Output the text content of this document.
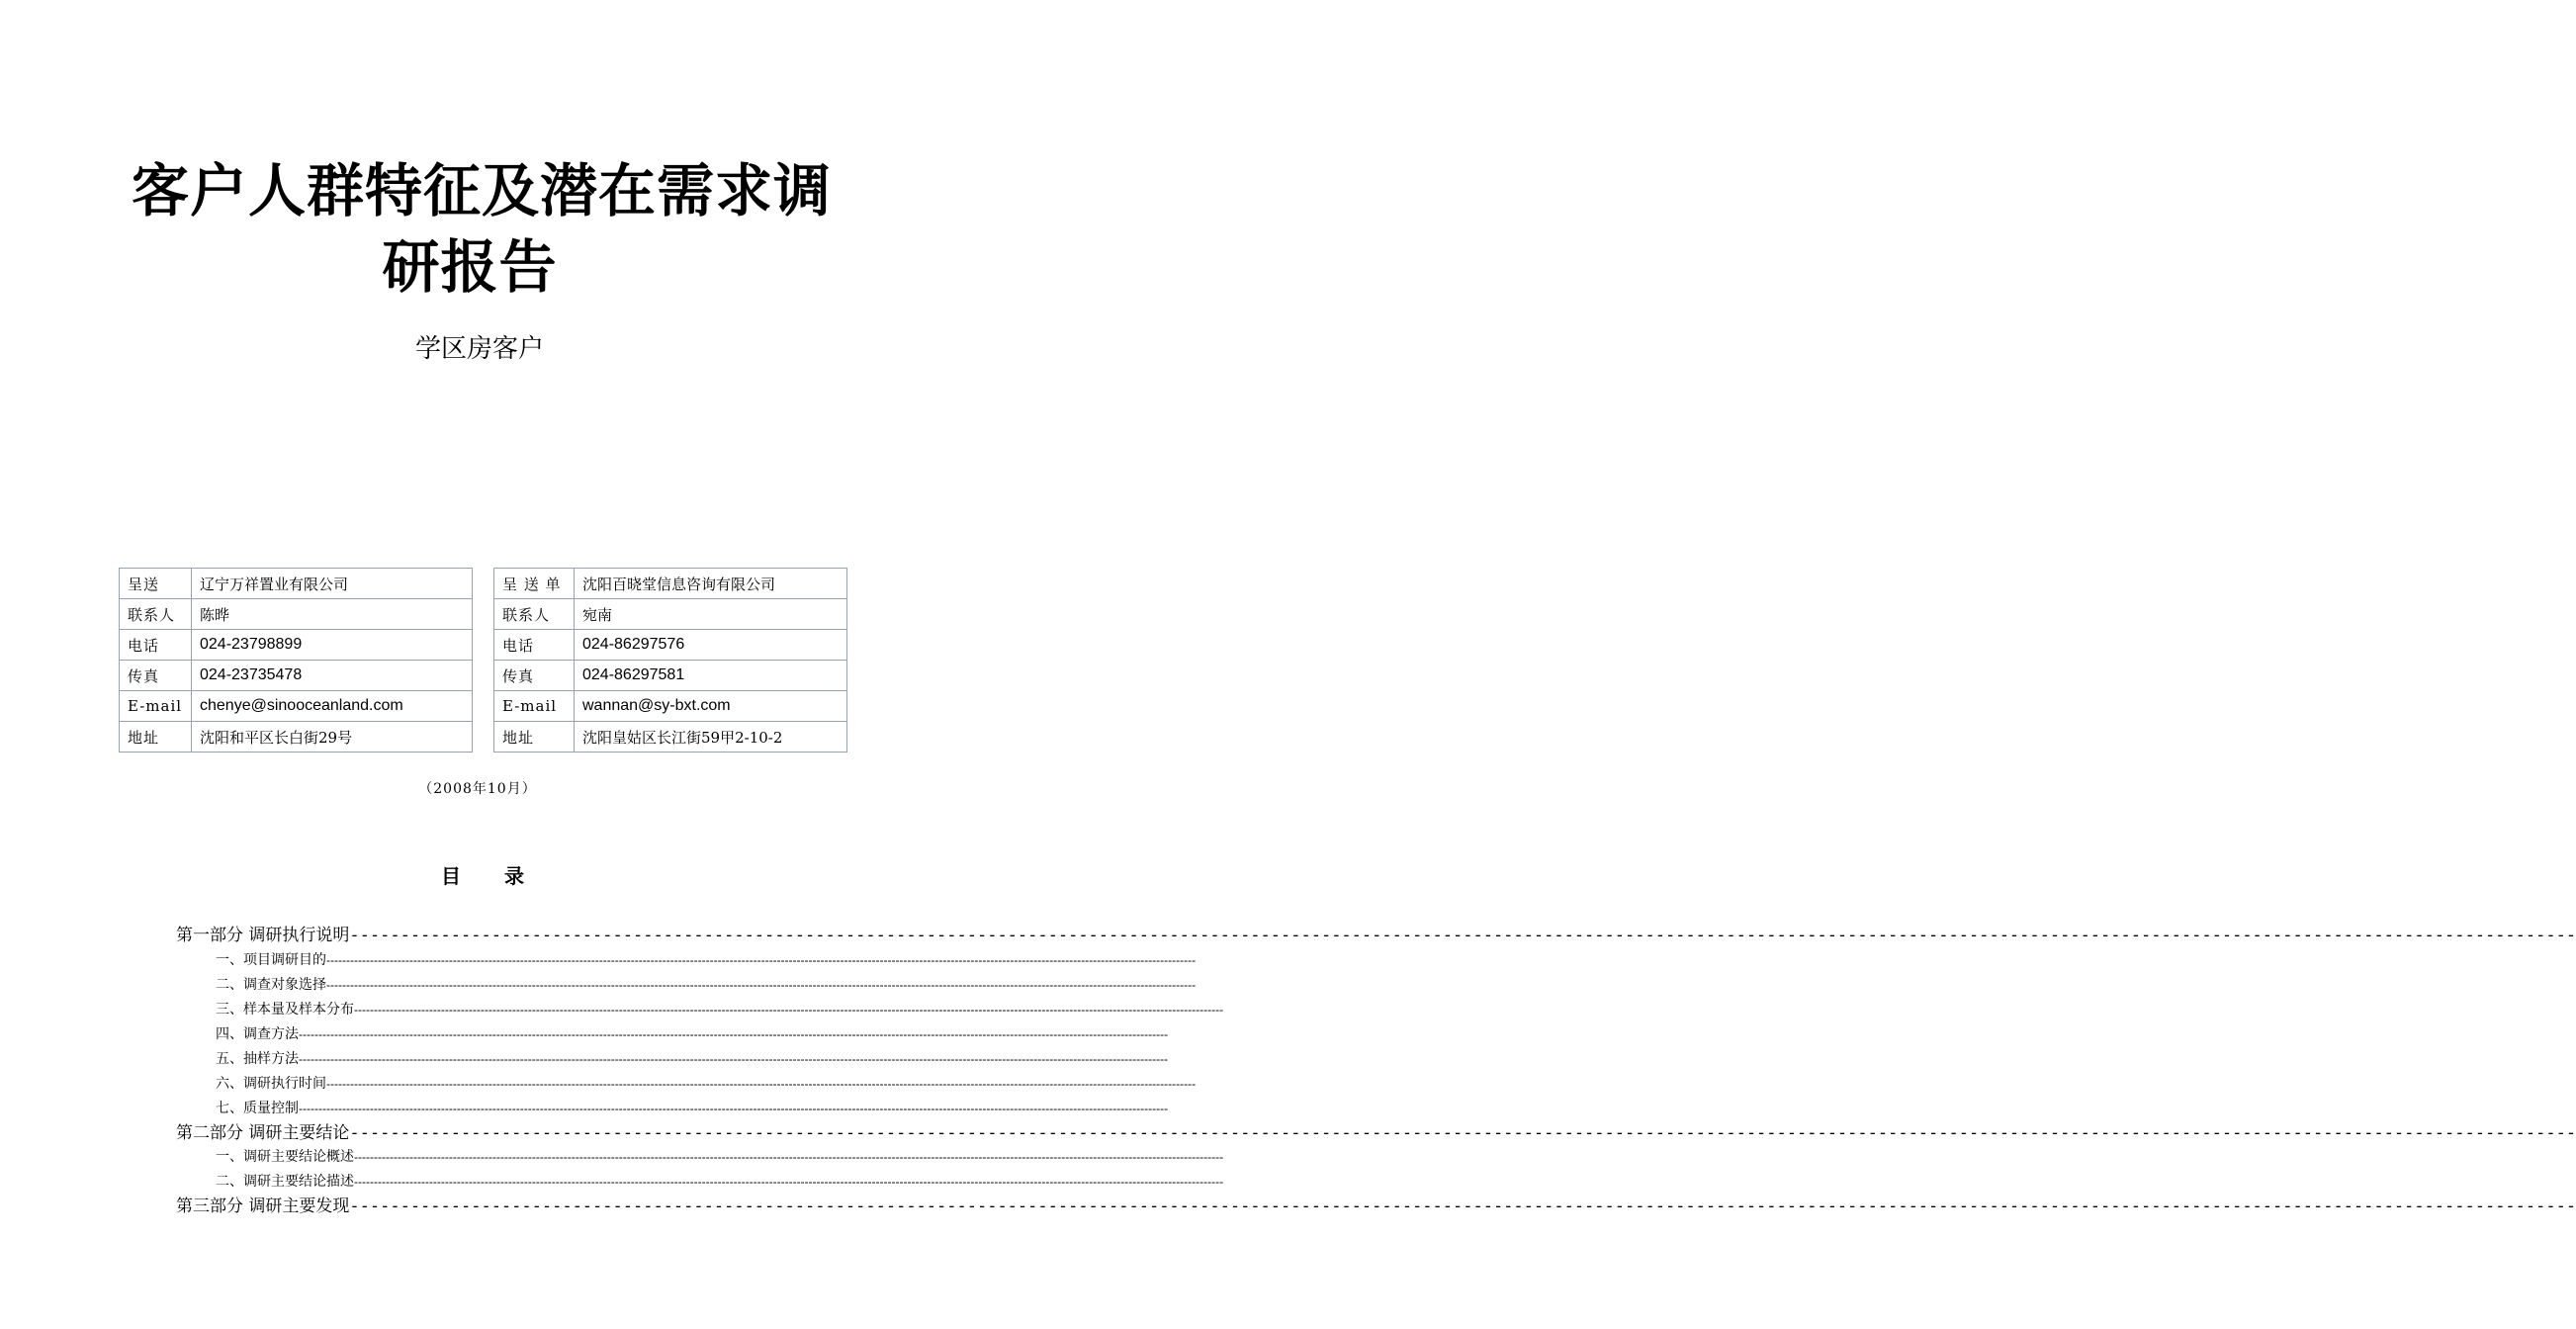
客户人群特征及潜在需求调
研报告
学区房客户
呈送	辽宁万祥置业有限公司
联系人	陈晔
电话	024-23798899
传真	024-23735478
E-mail	chenye@sinooceanland.com
地址	沈阳和平区长白街29号
呈 送 单	沈阳百晓堂信息咨询有限公司
联系人	宛南
电话	024-86297576
传真	024-86297581
E-mail	wannan@sy-bxt.com
地址	沈阳皇姑区长江街59甲2-10-2
（2008年10月）
目 录
第一部分 调研执行说明----------------------------------------------------------------------------------------------------------------------------------------------------------------------------------------------------------------------------
一、项目调研目的----------------------------------------------------------------------------------------------------------------------------------------------------------------------------------------------------------------------------
二、调查对象选择----------------------------------------------------------------------------------------------------------------------------------------------------------------------------------------------------------------------------
三、样本量及样本分布----------------------------------------------------------------------------------------------------------------------------------------------------------------------------------------------------------------------------
四、调查方法----------------------------------------------------------------------------------------------------------------------------------------------------------------------------------------------------------------------------
五、抽样方法----------------------------------------------------------------------------------------------------------------------------------------------------------------------------------------------------------------------------
六、调研执行时间----------------------------------------------------------------------------------------------------------------------------------------------------------------------------------------------------------------------------
七、质量控制----------------------------------------------------------------------------------------------------------------------------------------------------------------------------------------------------------------------------
第二部分 调研主要结论----------------------------------------------------------------------------------------------------------------------------------------------------------------------------------------------------------------------------
一、调研主要结论概述----------------------------------------------------------------------------------------------------------------------------------------------------------------------------------------------------------------------------
二、调研主要结论描述----------------------------------------------------------------------------------------------------------------------------------------------------------------------------------------------------------------------------
第三部分 调研主要发现----------------------------------------------------------------------------------------------------------------------------------------------------------------------------------------------------------------------------
